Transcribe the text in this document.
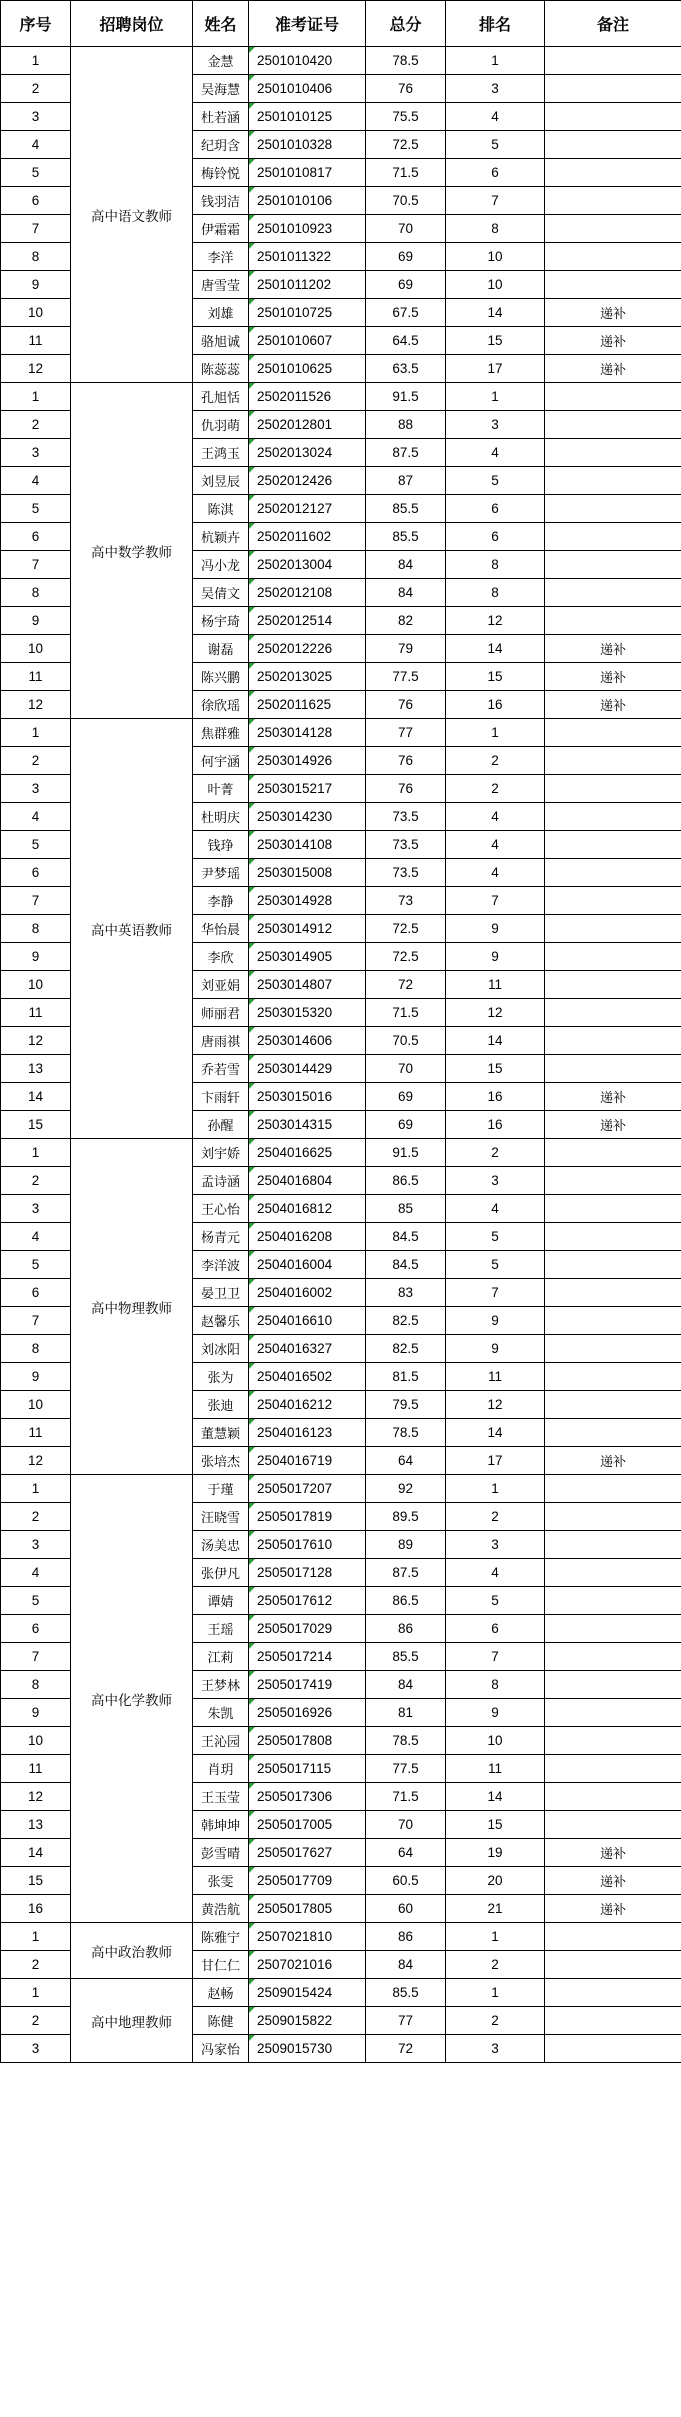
序号	招聘岗位	姓名	准考证号	总分	排名	备注
1	高中语文教师	金慧	2501010420	78.5	1	
2		吴海慧	2501010406	76	3	
3		杜若涵	2501010125	75.5	4	
4		纪玥含	2501010328	72.5	5	
5		梅铃悦	2501010817	71.5	6	
6		钱羽洁	2501010106	70.5	7	
7		伊霜霜	2501010923	70	8	
8		李洋	2501011322	69	10	
9		唐雪莹	2501011202	69	10	
10		刘雄	2501010725	67.5	14	递补
11		骆旭诚	2501010607	64.5	15	递补
12		陈蕊蕊	2501010625	63.5	17	递补
1	高中数学教师	孔旭恬	2502011526	91.5	1	
2		仇羽萌	2502012801	88	3	
3		王鸿玉	2502013024	87.5	4	
4		刘昱辰	2502012426	87	5	
5		陈淇	2502012127	85.5	6	
6		杭颖卉	2502011602	85.5	6	
7		冯小龙	2502013004	84	8	
8		吴倩文	2502012108	84	8	
9		杨宇琦	2502012514	82	12	
10		谢磊	2502012226	79	14	递补
11		陈兴鹏	2502013025	77.5	15	递补
12		徐欣瑶	2502011625	76	16	递补
1	高中英语教师	焦群雅	2503014128	77	1	
2		何宇涵	2503014926	76	2	
3		叶菁	2503015217	76	2	
4		杜明庆	2503014230	73.5	4	
5		钱琤	2503014108	73.5	4	
6		尹梦瑶	2503015008	73.5	4	
7		李静	2503014928	73	7	
8		华怡晨	2503014912	72.5	9	
9		李欣	2503014905	72.5	9	
10		刘亚娟	2503014807	72	11	
11		师丽君	2503015320	71.5	12	
12		唐雨祺	2503014606	70.5	14	
13		乔若雪	2503014429	70	15	
14		卞雨轩	2503015016	69	16	递补
15		孙醒	2503014315	69	16	递补
1	高中物理教师	刘宇娇	2504016625	91.5	2	
2		孟诗涵	2504016804	86.5	3	
3		王心怡	2504016812	85	4	
4		杨青元	2504016208	84.5	5	
5		李洋波	2504016004	84.5	5	
6		晏卫卫	2504016002	83	7	
7		赵馨乐	2504016610	82.5	9	
8		刘冰阳	2504016327	82.5	9	
9		张为	2504016502	81.5	11	
10		张迪	2504016212	79.5	12	
11		董慧颖	2504016123	78.5	14	
12		张培杰	2504016719	64	17	递补
1	高中化学教师	于瑾	2505017207	92	1	
2		汪晓雪	2505017819	89.5	2	
3		汤美忠	2505017610	89	3	
4		张伊凡	2505017128	87.5	4	
5		谭婧	2505017612	86.5	5	
6		王瑶	2505017029	86	6	
7		江莉	2505017214	85.5	7	
8		王梦林	2505017419	84	8	
9		朱凯	2505016926	81	9	
10		王沁园	2505017808	78.5	10	
11		肖玥	2505017115	77.5	11	
12		王玉莹	2505017306	71.5	14	
13		韩坤坤	2505017005	70	15	
14		彭雪晴	2505017627	64	19	递补
15		张雯	2505017709	60.5	20	递补
16		黄浩航	2505017805	60	21	递补
1	高中政治教师	陈雅宁	2507021810	86	1	
2		甘仁仁	2507021016	84	2	
1	高中地理教师	赵畅	2509015424	85.5	1	
2		陈健	2509015822	77	2	
3		冯家怡	2509015730	72	3	
